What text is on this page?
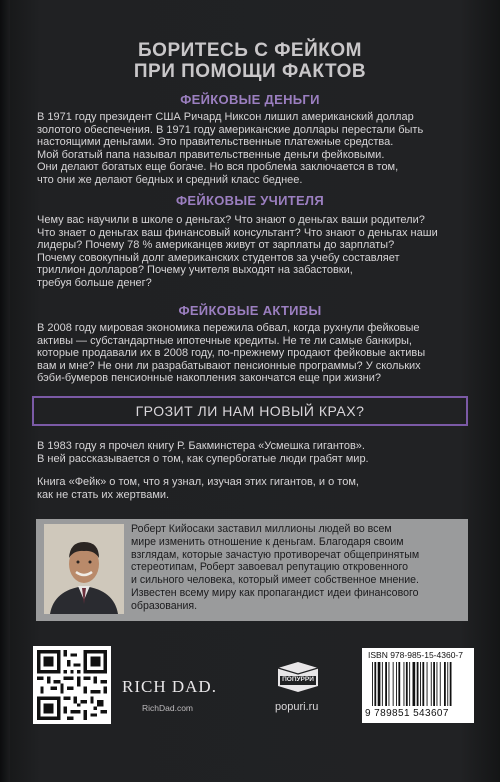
БОРИТЕСЬ С ФЕЙКОМ
ПРИ ПОМОЩИ ФАКТОВ
ФЕЙКОВЫЕ ДЕНЬГИ
В 1971 году президент США Ричард Никсон лишил американский доллар
золотого обеспечения. В 1971 году американские доллары перестали быть
настоящими деньгами. Это правительственные платежные средства.
Мой богатый папа называл правительственные деньги фейковыми.
Они делают богатых еще богаче. Но вся проблема заключается в том,
что они же делают бедных и средний класс беднее.
ФЕЙКОВЫЕ УЧИТЕЛЯ
Чему вас научили в школе о деньгах? Что знают о деньгах ваши родители?
Что знает о деньгах ваш финансовый консультант? Что знают о деньгах наши
лидеры? Почему 78 % американцев живут от зарплаты до зарплаты?
Почему совокупный долг американских студентов за учебу составляет
триллион долларов? Почему учителя выходят на забастовки,
требуя больше денег?
ФЕЙКОВЫЕ АКТИВЫ
В 2008 году мировая экономика пережила обвал, когда рухнули фейковые
активы — субстандартные ипотечные кредиты. Не те ли самые банкиры,
которые продавали их в 2008 году, по-прежнему продают фейковые активы
вам и мне? Не они ли разрабатывают пенсионные программы? У скольких
бэби-бумеров пенсионные накопления закончатся еще при жизни?
ГРОЗИТ ЛИ НАМ НОВЫЙ КРАХ?
В 1983 году я прочел книгу Р. Бакминстера «Усмешка гигантов».
В ней рассказывается о том, как супербогатые люди грабят мир.
Книга «Фейк» о том, что я узнал, изучая этих гигантов, и о том,
как не стать их жертвами.
Роберт Кийосаки заставил миллионы людей во всем
мире изменить отношение к деньгам. Благодаря своим
взглядам, которые зачастую противоречат общепринятым
стереотипам, Роберт завоевал репутацию откровенного
и сильного человека, который имеет собственное мнение.
Известен всему миру как пропагандист идеи финансового
образования.
RICH DAD.
RichDad.com
ПОПУРРИ
popuri.ru
ISBN 978-985-15-4360-7
9 789851 543607
